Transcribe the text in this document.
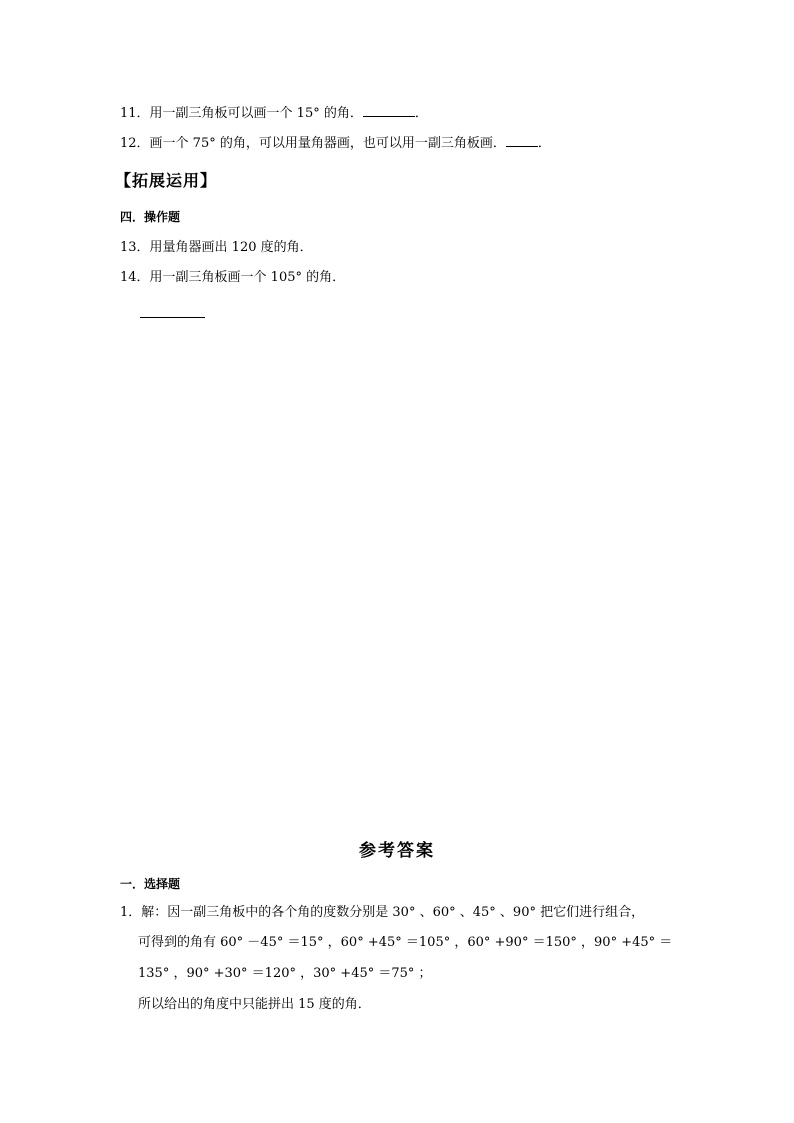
11．用一副三角板可以画一个 15° 的角．	．
12．画一个 75° 的角，可以用量角器画，也可以用一副三角板画． ．
【拓展运用】
四．操作题
13．用量角器画出 120 度的角．
14．用一副三角板画一个 105° 的角．
参考答案
一．选择题
1．解：因一副三角板中的各个角的度数分别是 30° 、60° 、45° 、90° 把它们进行组合，
可得到的角有 60° －45° ＝15° ，60° +45° ＝105° ，60° +90° ＝150° ，90° +45° ＝
135° ，90° +30° ＝120° ，30° +45° ＝75° ；
所以给出的角度中只能拼出 15 度的角．
